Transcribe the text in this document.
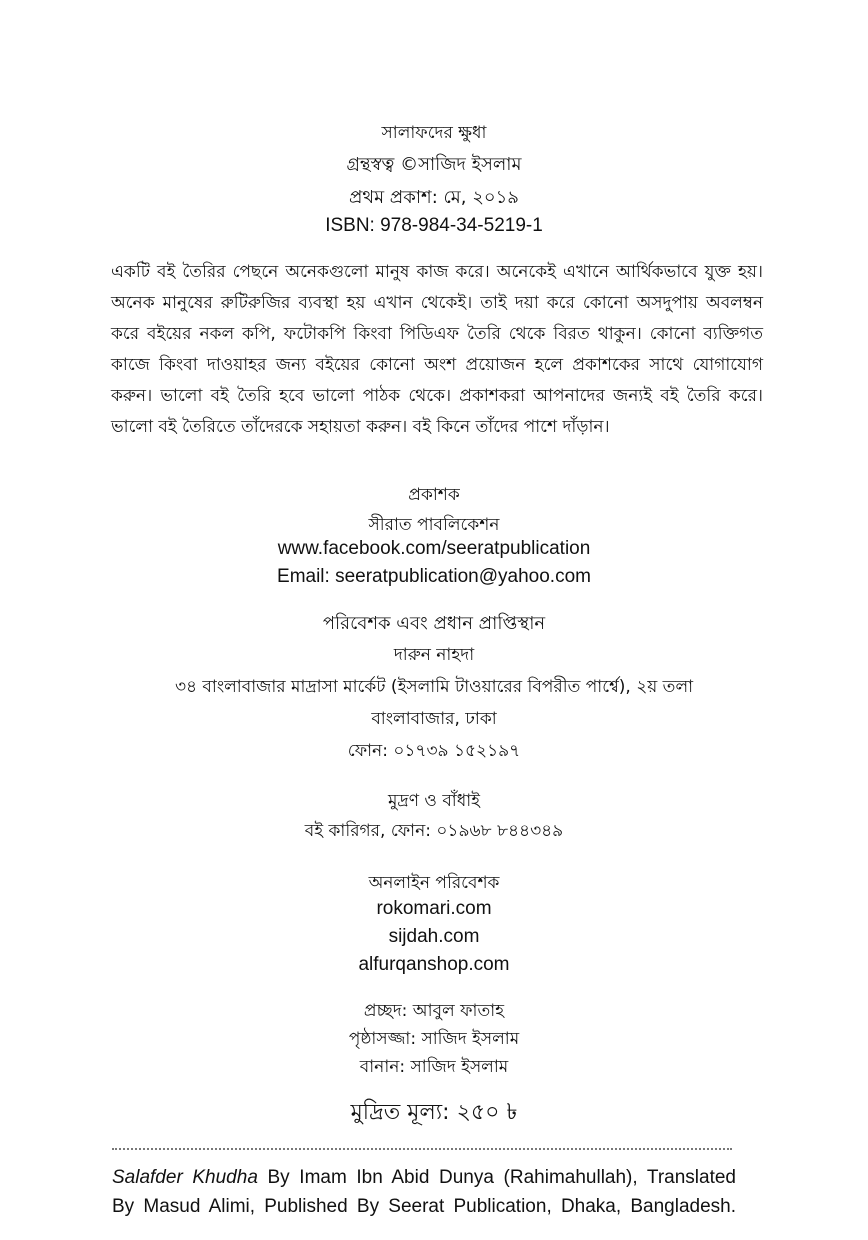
সালাফদের ক্ষুধা
গ্রন্থস্বত্ব ©সাজিদ ইসলাম
প্রথম প্রকাশ: মে, ২০১৯
ISBN: 978-984-34-5219-1
একটি বই তৈরির পেছনে অনেকগুলো মানুষ কাজ করে। অনেকেই এখানে আর্থিকভাবে যুক্ত হয়। অনেক মানুষের রুটিরুজির ব্যবস্থা হয় এখান থেকেই। তাই দয়া করে কোনো অসদুপায় অবলম্বন করে বইয়ের নকল কপি, ফটোকপি কিংবা পিডিএফ তৈরি থেকে বিরত থাকুন। কোনো ব্যক্তিগত কাজে কিংবা দাওয়াহর জন্য বইয়ের কোনো অংশ প্রয়োজন হলে প্রকাশকের সাথে যোগাযোগ করুন। ভালো বই তৈরি হবে ভালো পাঠক থেকে। প্রকাশকরা আপনাদের জন্যই বই তৈরি করে। ভালো বই তৈরিতে তাঁদেরকে সহায়তা করুন। বই কিনে তাঁদের পাশে দাঁড়ান।
প্রকাশক
সীরাত পাবলিকেশন
www.facebook.com/seeratpublication
Email: seeratpublication@yahoo.com
পরিবেশক এবং প্রধান প্রাপ্তিস্থান
দারুন নাহদা
৩৪ বাংলাবাজার মাদ্রাসা মার্কেট (ইসলামি টাওয়ারের বিপরীত পার্শ্বে), ২য় তলা
বাংলাবাজার, ঢাকা
ফোন: ০১৭৩৯ ১৫২১৯৭
মুদ্রণ ও বাঁধাই
বই কারিগর, ফোন: ০১৯৬৮ ৮৪৪৩৪৯
অনলাইন পরিবেশক
rokomari.com
sijdah.com
alfurqanshop.com
প্রচ্ছদ: আবুল ফাতাহ
পৃষ্ঠাসজ্জা: সাজিদ ইসলাম
বানান: সাজিদ ইসলাম
মুদ্রিত মূল্য: ২৫০ ৳
Salafder Khudha By Imam Ibn Abid Dunya (Rahimahullah), Translated
By Masud Alimi, Published By Seerat Publication, Dhaka, Bangladesh.
